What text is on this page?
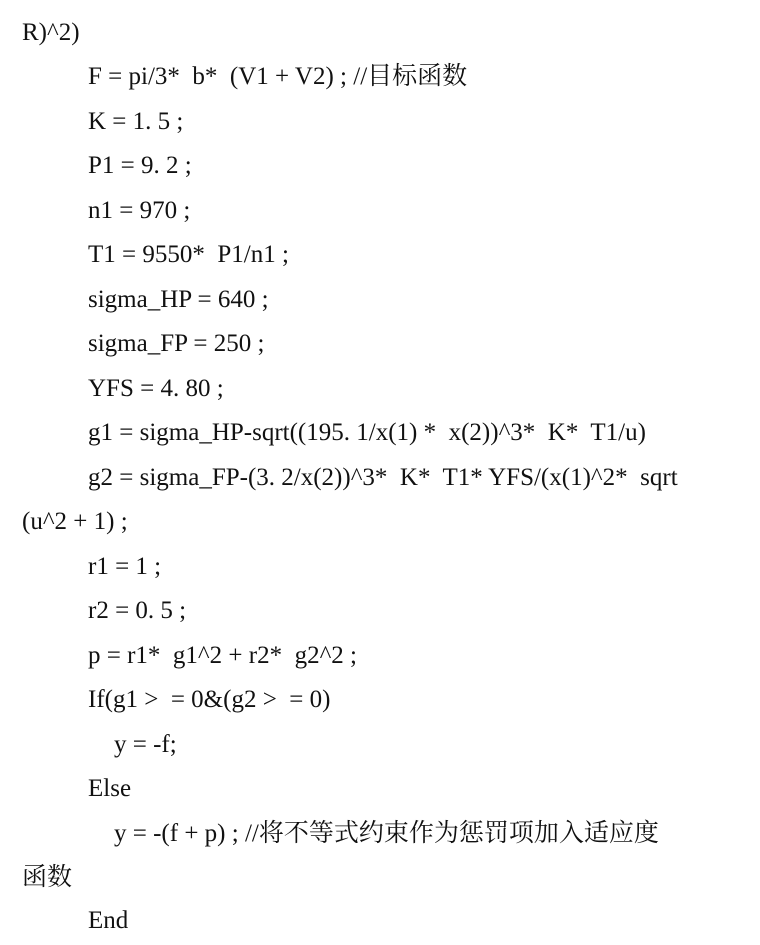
R)^2)
F = pi/3*  b*  (V1 + V2) ; //目标函数
K = 1. 5 ;
P1 = 9. 2 ;
n1 = 970 ;
T1 = 9550*  P1/n1 ;
sigma_HP = 640 ;
sigma_FP = 250 ;
YFS = 4. 80 ;
g1 = sigma_HP-sqrt((195. 1/x(1) *  x(2))^3*  K*  T1/u)
g2 = sigma_FP-(3. 2/x(2))^3*  K*  T1* YFS/(x(1)^2*  sqrt
(u^2 + 1) ;
r1 = 1 ;
r2 = 0. 5 ;
p = r1*  g1^2 + r2*  g2^2 ;
If(g1 >  = 0&(g2 >  = 0)
y = -f;
Else
y = -(f + p) ; //将不等式约束作为惩罚项加入适应度
函数
End
